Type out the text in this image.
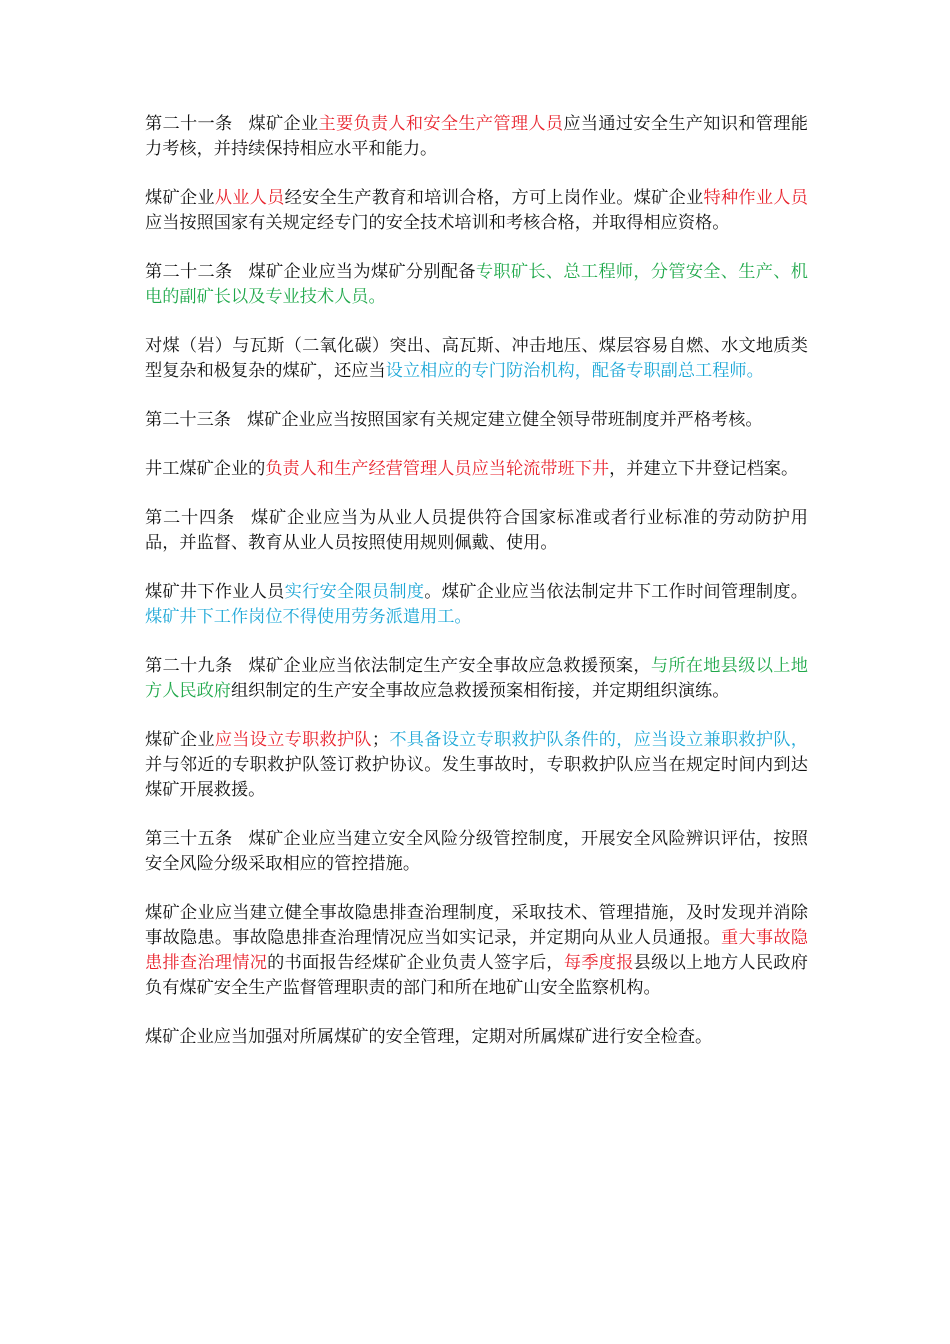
第二十一条 煤矿企业主要负责人和安全生产管理人员应当通过安全生产知识和管理能力考核，并持续保持相应水平和能力。

煤矿企业从业人员经安全生产教育和培训合格，方可上岗作业。煤矿企业特种作业人员应当按照国家有关规定经专门的安全技术培训和考核合格，并取得相应资格。

第二十二条 煤矿企业应当为煤矿分别配备专职矿长、总工程师，分管安全、生产、机电的副矿长以及专业技术人员。

对煤（岩）与瓦斯（二氧化碳）突出、高瓦斯、冲击地压、煤层容易自燃、水文地质类型复杂和极复杂的煤矿，还应当设立相应的专门防治机构，配备专职副总工程师。

第二十三条 煤矿企业应当按照国家有关规定建立健全领导带班制度并严格考核。

井工煤矿企业的负责人和生产经营管理人员应当轮流带班下井，并建立下井登记档案。

第二十四条 煤矿企业应当为从业人员提供符合国家标准或者行业标准的劳动防护用品，并监督、教育从业人员按照使用规则佩戴、使用。

煤矿井下作业人员实行安全限员制度。煤矿企业应当依法制定井下工作时间管理制度。煤矿井下工作岗位不得使用劳务派遣用工。

第二十九条 煤矿企业应当依法制定生产安全事故应急救援预案，与所在地县级以上地方人民政府组织制定的生产安全事故应急救援预案相衔接，并定期组织演练。

煤矿企业应当设立专职救护队；不具备设立专职救护队条件的，应当设立兼职救护队，并与邻近的专职救护队签订救护协议。发生事故时，专职救护队应当在规定时间内到达煤矿开展救援。

第三十五条 煤矿企业应当建立安全风险分级管控制度，开展安全风险辨识评估，按照安全风险分级采取相应的管控措施。

煤矿企业应当建立健全事故隐患排查治理制度，采取技术、管理措施，及时发现并消除事故隐患。事故隐患排查治理情况应当如实记录，并定期向从业人员通报。重大事故隐患排查治理情况的书面报告经煤矿企业负责人签字后，每季度报县级以上地方人民政府负有煤矿安全生产监督管理职责的部门和所在地矿山安全监察机构。

煤矿企业应当加强对所属煤矿的安全管理，定期对所属煤矿进行安全检查。
